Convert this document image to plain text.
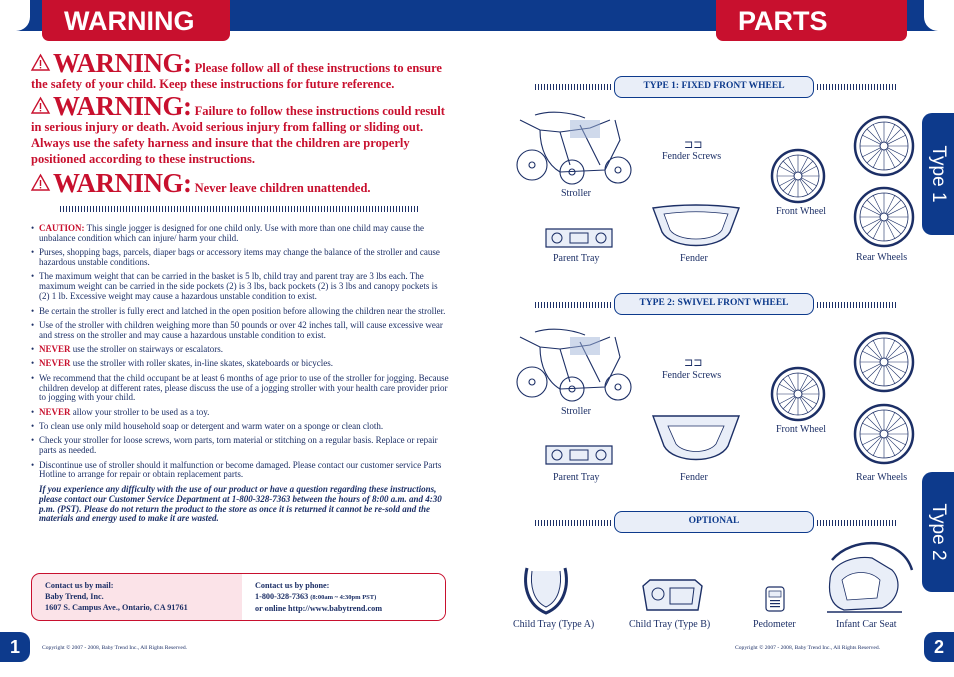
WARNING	PARTS
WARNING: Please follow all of these instructions to ensure the safety of your child. Keep these instructions for future reference.
WARNING: Failure to follow these instructions could result in serious injury or death. Avoid serious injury from falling or sliding out. Always use the safety harness and insure that the children are properly positioned according to these instructions.
WARNING: Never leave children unattended.
• CAUTION: This single jogger is designed for one child only. Use with more than one child may cause the unbalance condition which can injure/ harm your child.
• Purses, shopping bags, parcels, diaper bags or accessory items may change the balance of the stroller and cause hazardous unstable conditions.
• The maximum weight that can be carried in the basket is 5 lb, child tray and parent tray are 3 lbs each. The maximum weight can be carried in the side pockets (2) is 3 lbs, back pockets (2) is 3 lbs and canopy pockets is (2) 1 lb. Excessive weight may cause a hazardous unstable condition to exist.
• Be certain the stroller is fully erect and latched in the open position before allowing the children near the stroller.
• Use of the stroller with children weighing more than 50 pounds or over 42 inches tall, will cause excessive wear and stress on the stroller and may cause a hazardous unstable condition to exist.
• NEVER use the stroller on stairways or escalators.
• NEVER use the stroller with roller skates, in-line skates, skateboards or bicycles.
• We recommend that the child occupant be at least 6 months of age prior to use of the stroller for jogging. Because children develop at different rates, please discuss the use of a jogging stroller with your health care provider prior to jogging with your child.
• NEVER allow your stroller to be used as a toy.
• To clean use only mild household soap or detergent and warm water on a sponge or clean cloth.
• Check your stroller for loose screws, worn parts, torn material or stitching on a regular basis. Replace or repair parts as needed.
• Discontinue use of stroller should it malfunction or become damaged. Please contact our customer service Parts Hotline to arrange for repair or obtain replacement parts.
If you experience any difficulty with the use of our product or have a question regarding these instructions, please contact our Customer Service Department at 1-800-328-7363 between the hours of 8:00 a.m. and 4:30 p.m. (PST). Please do not return the product to the store as once it is returned it cannot be re-sold and the materials and energy used to make it are wasted.
Contact us by mail:
Baby Trend, Inc.
1607 S. Campus Ave., Ontario, CA 91761
Contact us by phone:
1-800-328-7363 (8:00am ~ 4:30pm PST)
or online http://www.babytrend.com
1	Copyright © 2007 - 2008, Baby Trend Inc., All Rights Reserved.
Type 1
Type 2
TYPE 1: FIXED FRONT WHEEL
Stroller
⊐⊐
Fender Screws
Front Wheel
Rear Wheels
Parent Tray	Fender
TYPE 2: SWIVEL FRONT WHEEL
Stroller
⊐⊐
Fender Screws
Front Wheel
Rear Wheels
Parent Tray	Fender
OPTIONAL
Child Tray (Type A)	Child Tray (Type B)	Pedometer	Infant Car Seat
2
Copyright © 2007 - 2008, Baby Trend Inc., All Rights Reserved.
